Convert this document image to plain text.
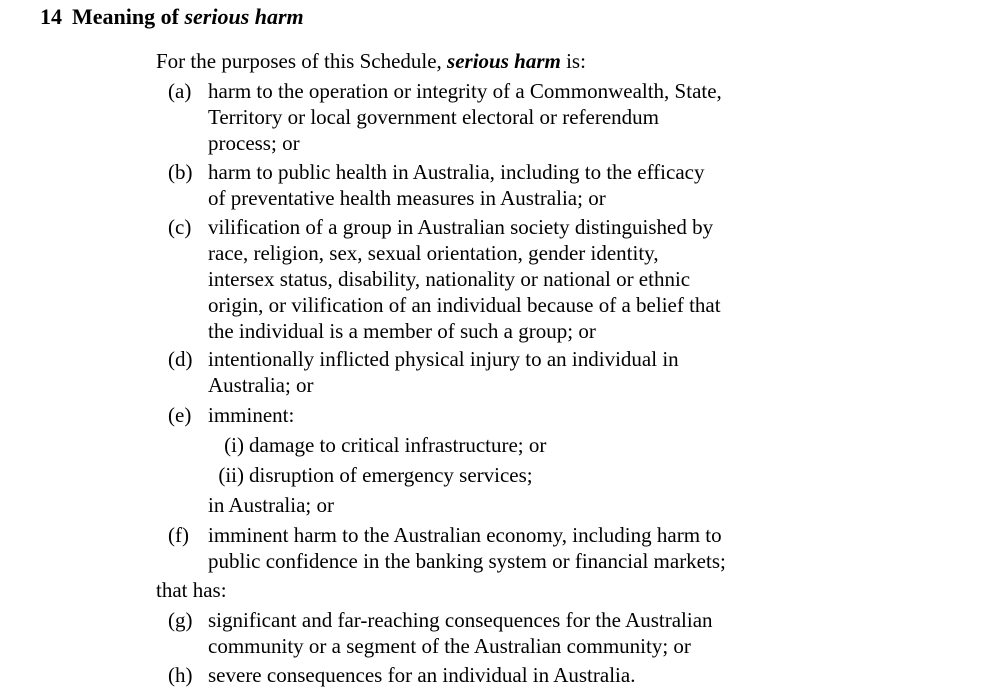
14 Meaning of serious harm
For the purposes of this Schedule, serious harm is:
(a) harm to the operation or integrity of a Commonwealth, State,
Territory or local government electoral or referendum
process; or
(b) harm to public health in Australia, including to the efficacy
of preventative health measures in Australia; or
(c) vilification of a group in Australian society distinguished by
race, religion, sex, sexual orientation, gender identity,
intersex status, disability, nationality or national or ethnic
origin, or vilification of an individual because of a belief that
the individual is a member of such a group; or
(d) intentionally inflicted physical injury to an individual in
Australia; or
(e) imminent:
(i) damage to critical infrastructure; or
(ii) disruption of emergency services;
in Australia; or
(f) imminent harm to the Australian economy, including harm to
public confidence in the banking system or financial markets;
that has:
(g) significant and far-reaching consequences for the Australian
community or a segment of the Australian community; or
(h) severe consequences for an individual in Australia.
